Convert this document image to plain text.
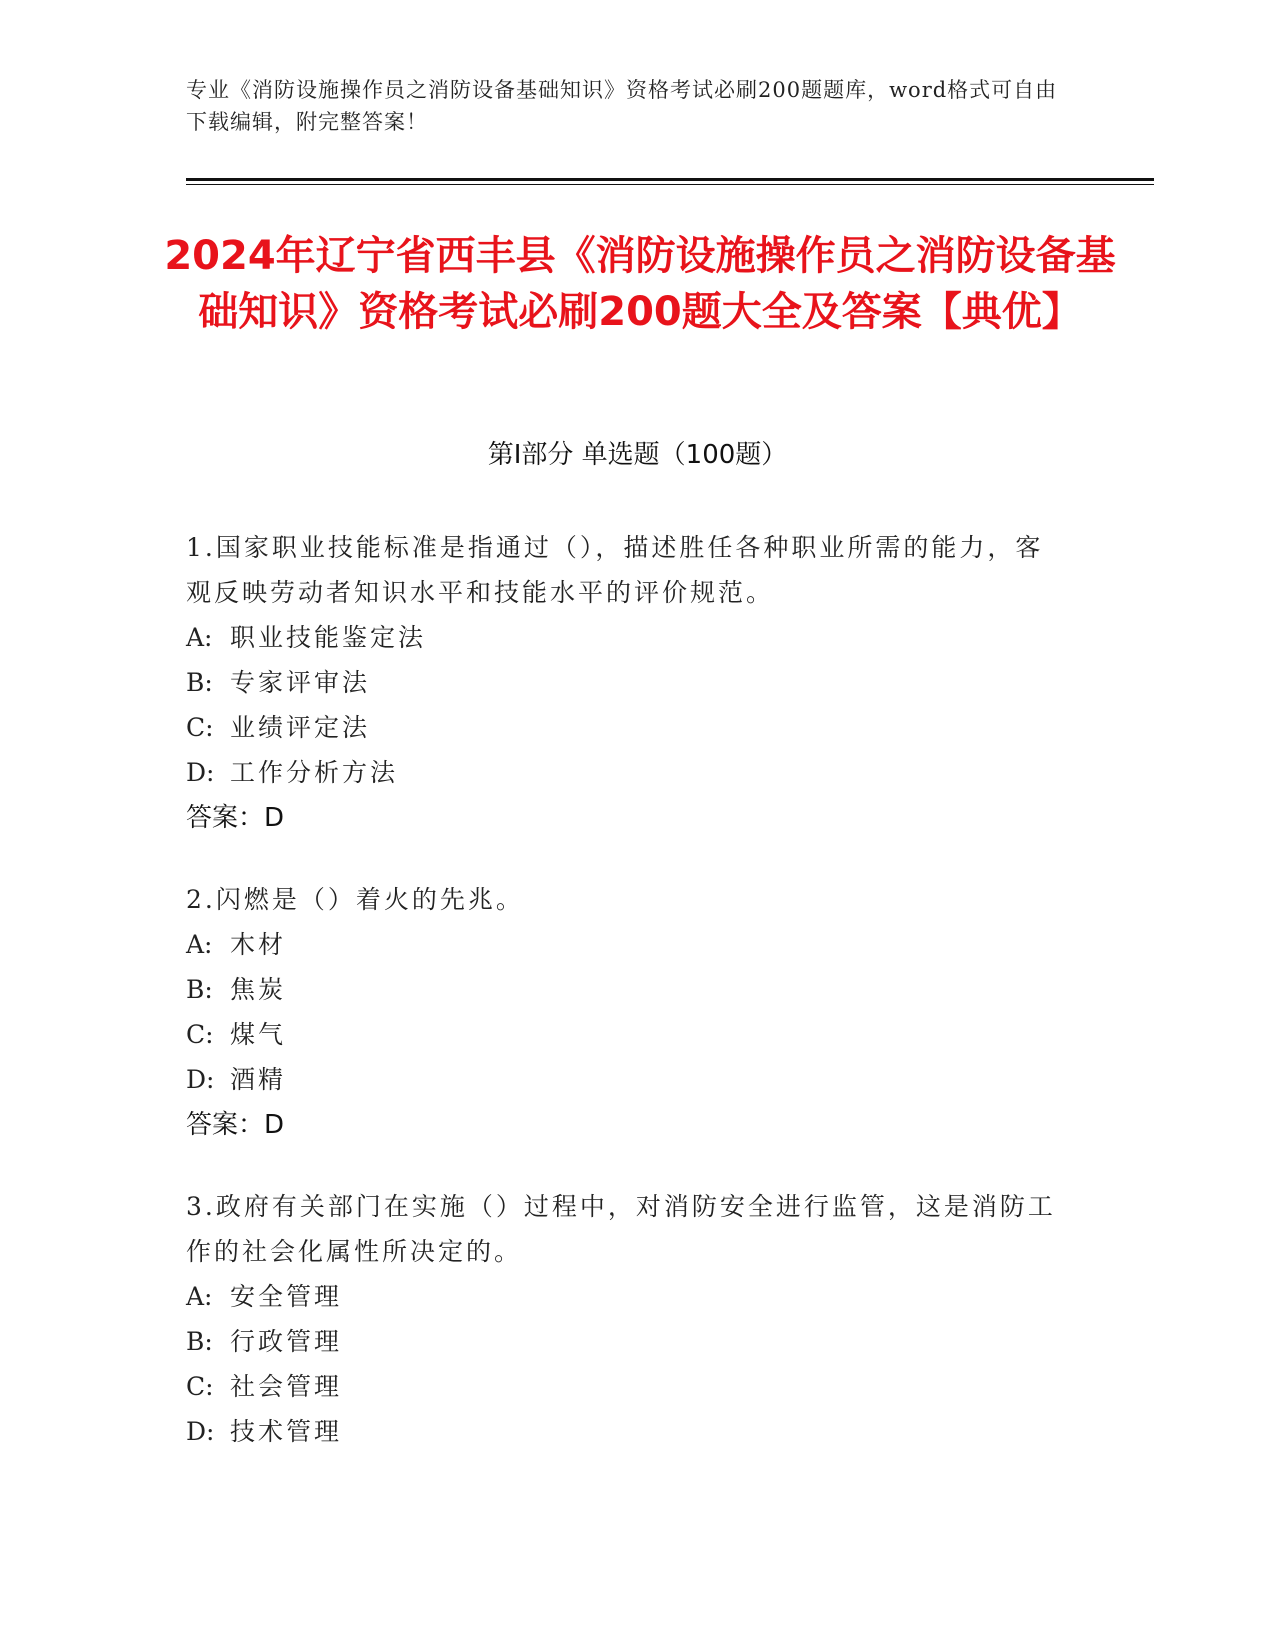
专业《消防设施操作员之消防设备基础知识》资格考试必刷200题题库，word格式可自由下载编辑，附完整答案！
2024年辽宁省西丰县《消防设施操作员之消防设备基础知识》资格考试必刷200题大全及答案【典优】
第I部分 单选题（100题）
1.国家职业技能标准是指通过（），描述胜任各种职业所需的能力，客观反映劳动者知识水平和技能水平的评价规范。
A: 职业技能鉴定法
B: 专家评审法
C: 业绩评定法
D: 工作分析方法
答案：D
2.闪燃是（）着火的先兆。
A: 木材
B: 焦炭
C: 煤气
D: 酒精
答案：D
3.政府有关部门在实施（）过程中，对消防安全进行监管，这是消防工作的社会化属性所决定的。
A: 安全管理
B: 行政管理
C: 社会管理
D: 技术管理
